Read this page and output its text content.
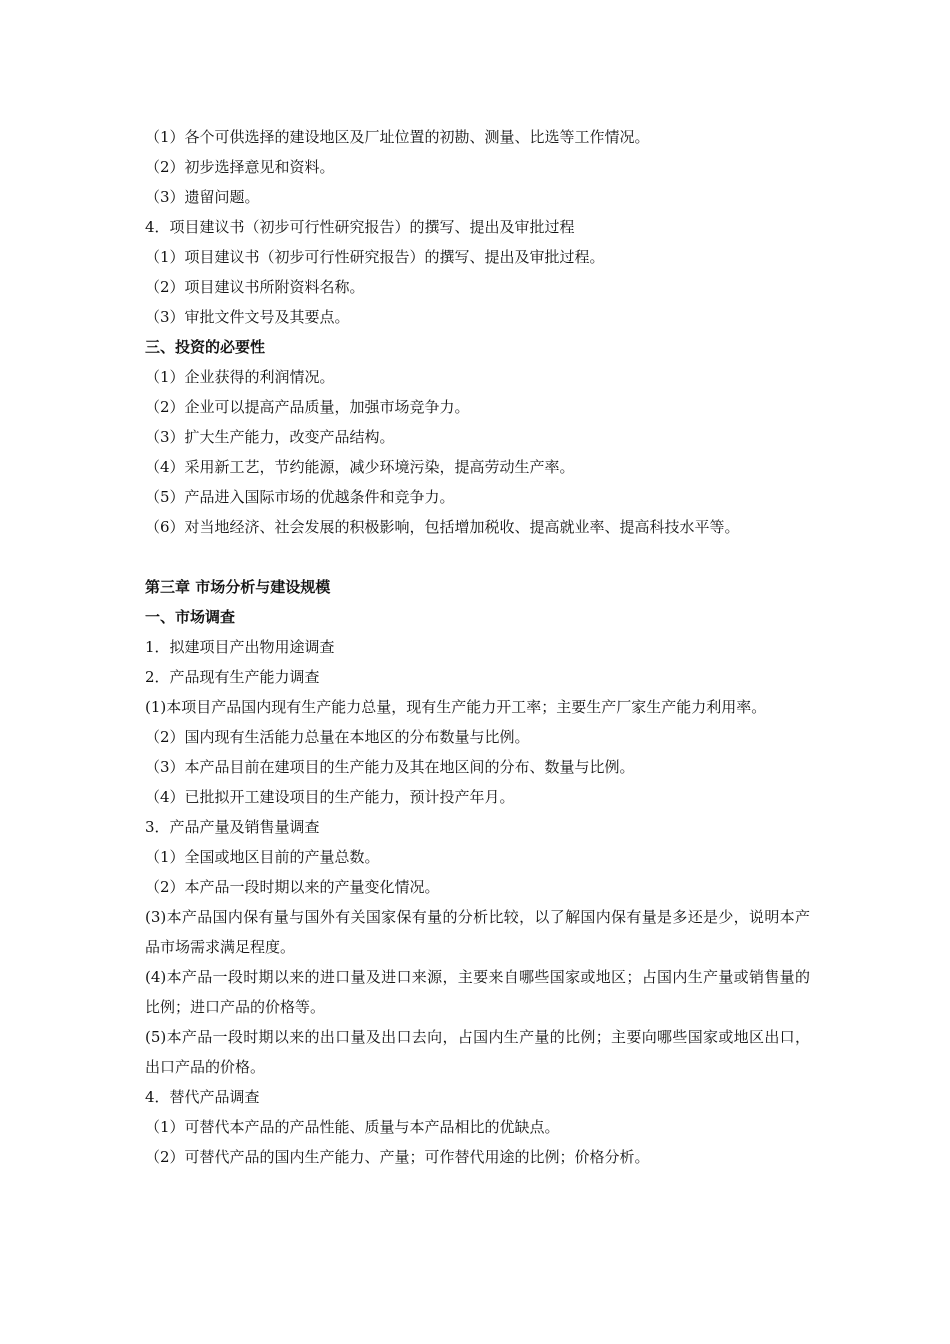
（1）各个可供选择的建设地区及厂址位置的初勘、测量、比选等工作情况。
（2）初步选择意见和资料。
（3）遗留问题。
4．项目建议书（初步可行性研究报告）的撰写、提出及审批过程
（1）项目建议书（初步可行性研究报告）的撰写、提出及审批过程。
（2）项目建议书所附资料名称。
（3）审批文件文号及其要点。
三、投资的必要性
（1）企业获得的利润情况。
（2）企业可以提高产品质量，加强市场竞争力。
（3）扩大生产能力，改变产品结构。
（4）采用新工艺，节约能源，减少环境污染，提高劳动生产率。
（5）产品进入国际市场的优越条件和竞争力。
（6）对当地经济、社会发展的积极影响，包括增加税收、提高就业率、提高科技水平等。
第三章 市场分析与建设规模
一、市场调查
1．拟建项目产出物用途调查
2．产品现有生产能力调查
(1)本项目产品国内现有生产能力总量，现有生产能力开工率；主要生产厂家生产能力利用率。
（2）国内现有生活能力总量在本地区的分布数量与比例。
（3）本产品目前在建项目的生产能力及其在地区间的分布、数量与比例。
（4）已批拟开工建设项目的生产能力，预计投产年月。
3．产品产量及销售量调查
（1）全国或地区目前的产量总数。
（2）本产品一段时期以来的产量变化情况。
(3)本产品国内保有量与国外有关国家保有量的分析比较，以了解国内保有量是多还是少，说明本产品市场需求满足程度。
(4)本产品一段时期以来的进口量及进口来源，主要来自哪些国家或地区；占国内生产量或销售量的比例；进口产品的价格等。
(5)本产品一段时期以来的出口量及出口去向，占国内生产量的比例；主要向哪些国家或地区出口，出口产品的价格。
4．替代产品调查
（1）可替代本产品的产品性能、质量与本产品相比的优缺点。
（2）可替代产品的国内生产能力、产量；可作替代用途的比例；价格分析。
